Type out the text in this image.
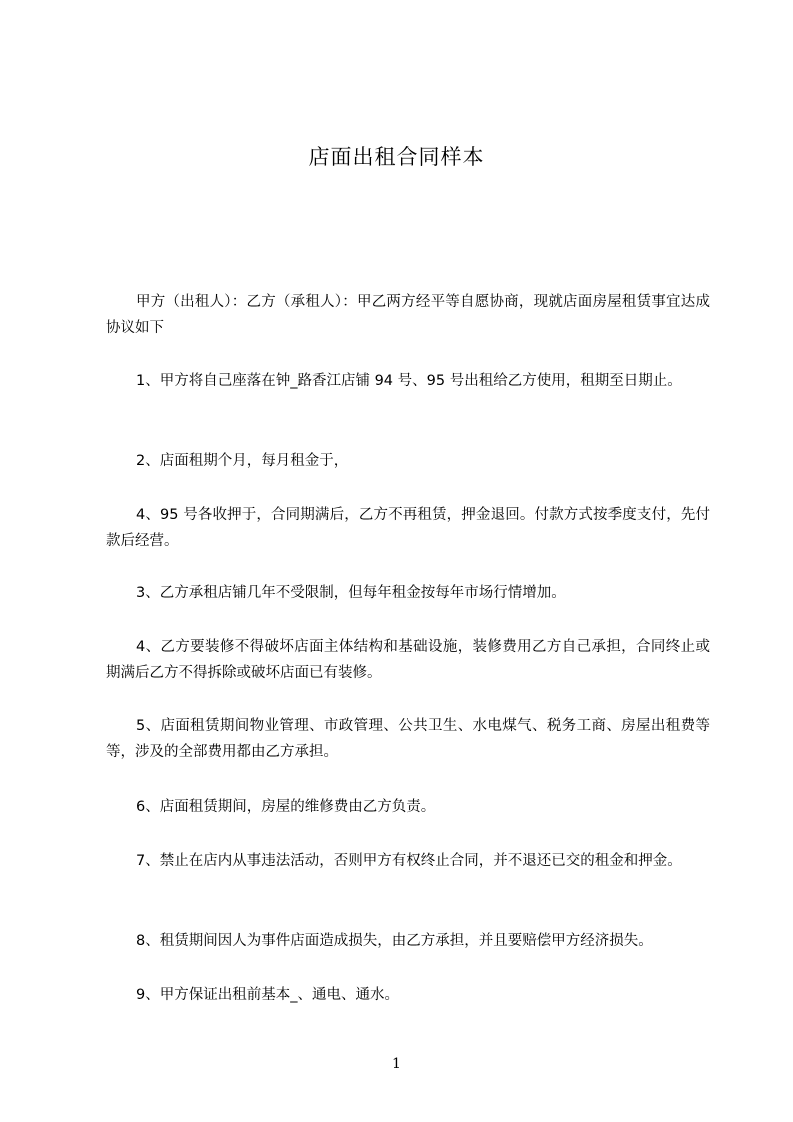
店面出租合同样本
甲方（出租人）：乙方（承租人）：甲乙两方经平等自愿协商，现就店面房屋租赁事宜达成协议如下
1、甲方将自己座落在钟_路香江店铺 94 号、95 号出租给乙方使用，租期至日期止。
2、店面租期个月，每月租金于，
4、95 号各收押于，合同期满后，乙方不再租赁，押金退回。付款方式按季度支付，先付款后经营。
3、乙方承租店铺几年不受限制，但每年租金按每年市场行情增加。
4、乙方要装修不得破坏店面主体结构和基础设施，装修费用乙方自己承担，合同终止或期满后乙方不得拆除或破坏店面已有装修。
5、店面租赁期间物业管理、市政管理、公共卫生、水电煤气、税务工商、房屋出租费等等，涉及的全部费用都由乙方承担。
6、店面租赁期间，房屋的维修费由乙方负责。
7、禁止在店内从事违法活动，否则甲方有权终止合同，并不退还已交的租金和押金。
8、租赁期间因人为事件店面造成损失，由乙方承担，并且要赔偿甲方经济损失。
9、甲方保证出租前基本_、通电、通水。
1
